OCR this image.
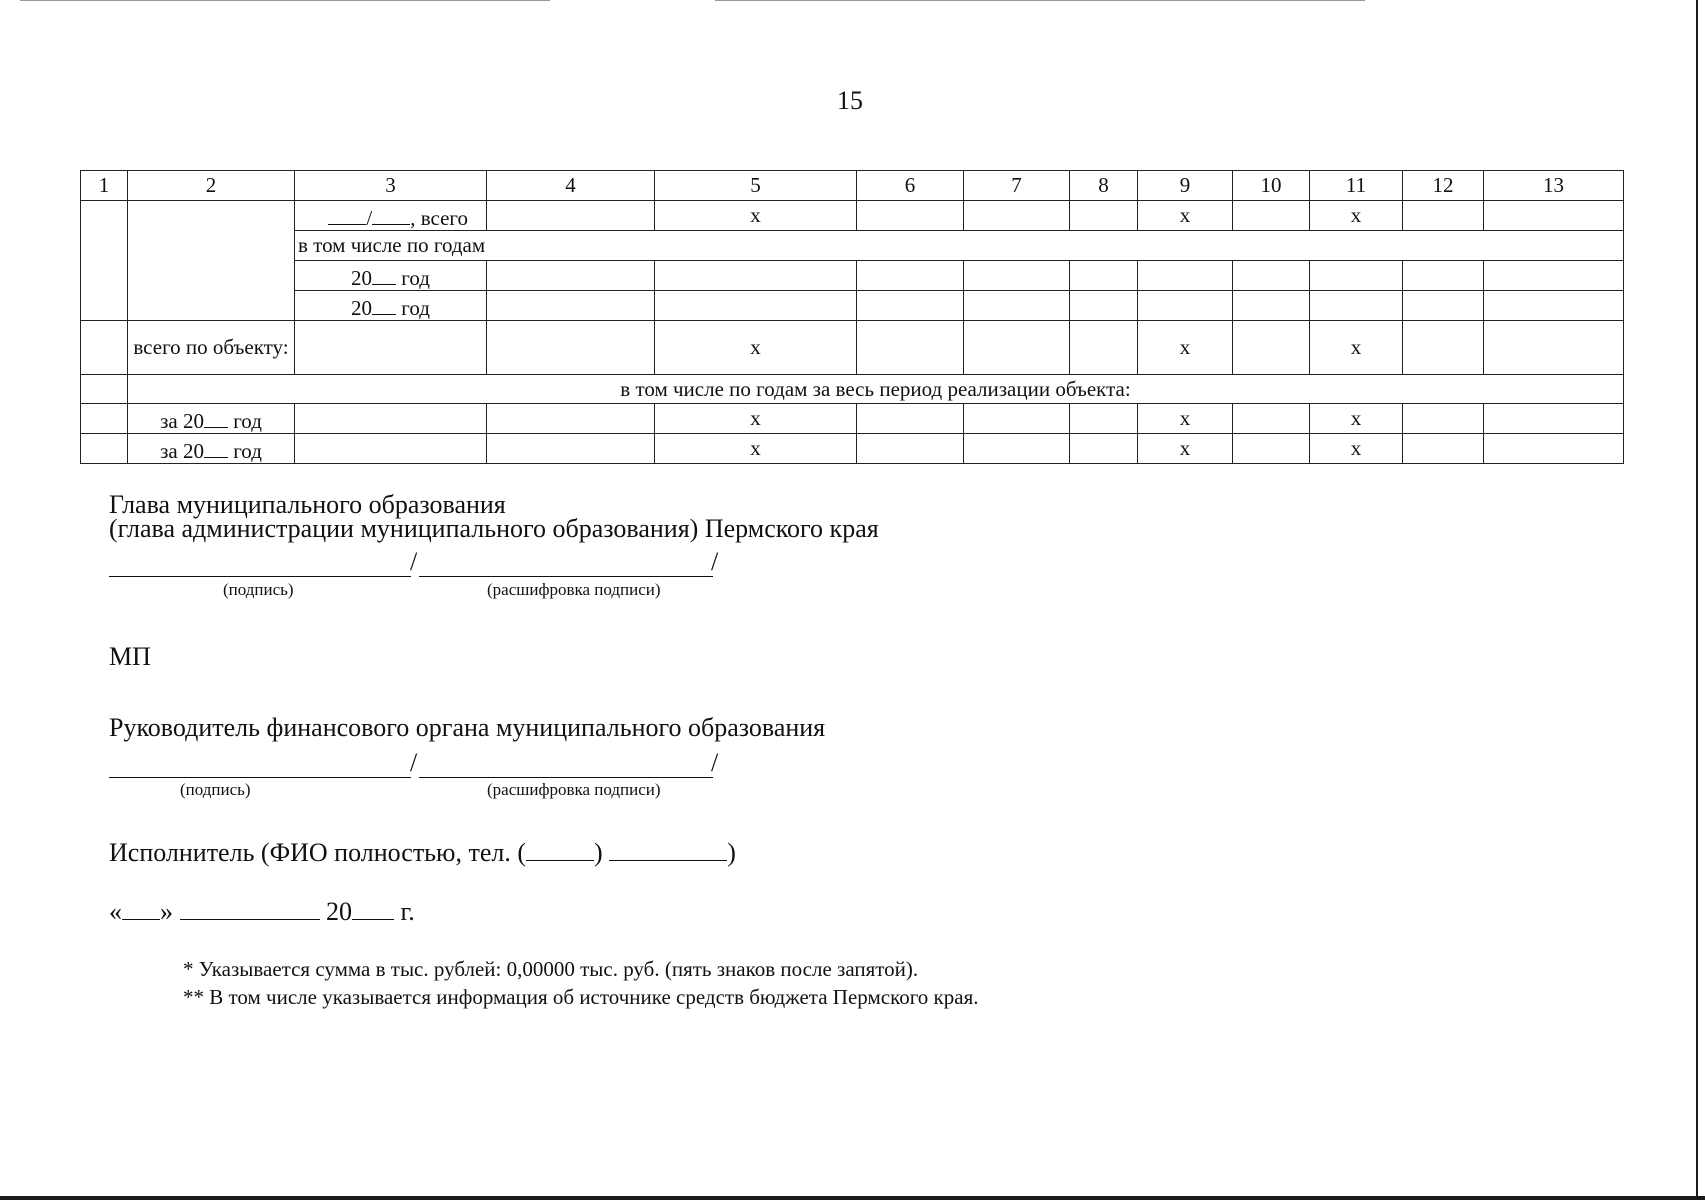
15
1	2	3	4	5	6	7	8	9	10	11	12	13
		/ , всего		x				x		x		
		в том числе по годам										
		20 год										
		20 год										
	всего по объекту:			x				x		x		
	в том числе по годам за весь период реализации объекта:											
	за 20 год			x				x		x		
	за 20 год			x				x		x		
Глава муниципального образования
(глава администрации муниципального образования) Пермского края
/	/
(подпись)	(расшифровка подписи)
МП
Руководитель финансового органа муниципального образования
/	/
(подпись)	(расшифровка подписи)
Исполнитель (ФИО полностью, тел. (	)	)
« »	20 г.
* Указывается сумма в тыс. рублей: 0,00000 тыс. руб. (пять знаков после запятой).
** В том числе указывается информация об источнике средств бюджета Пермского края.
